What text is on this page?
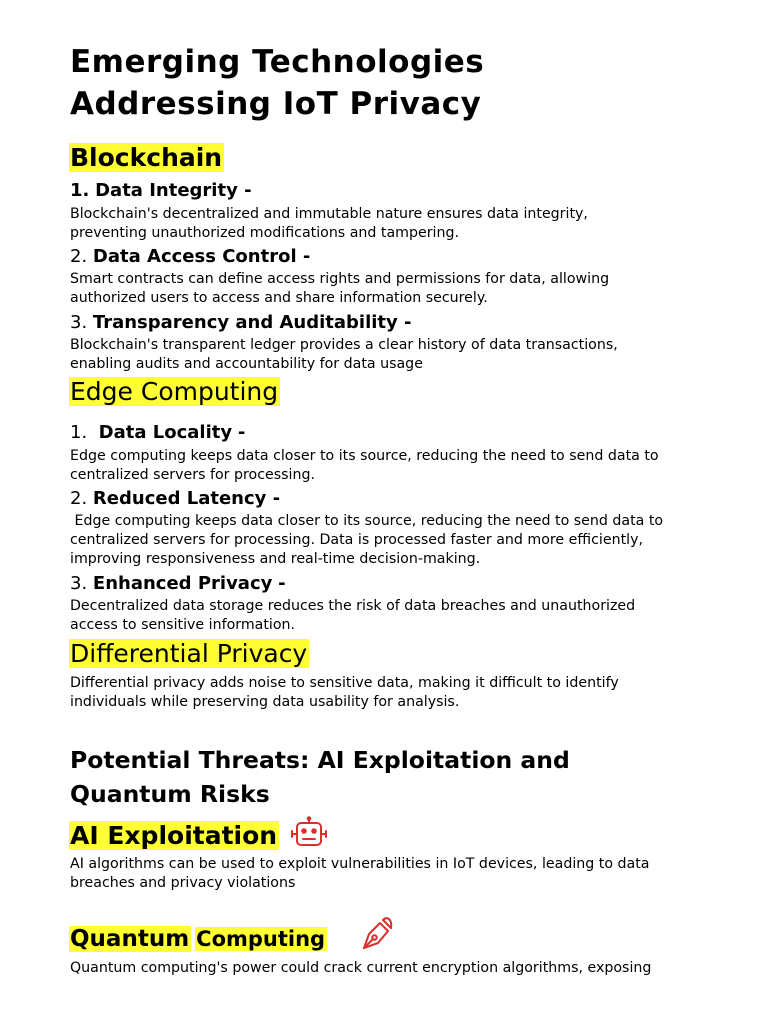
Emerging Technologies
Addressing IoT Privacy
Blockchain
1. Data Integrity -
Blockchain's decentralized and immutable nature ensures data integrity,
preventing unauthorized modifications and tampering.
2. Data Access Control -
Smart contracts can define access rights and permissions for data, allowing
authorized users to access and share information securely.
3. Transparency and Auditability -
Blockchain's transparent ledger provides a clear history of data transactions,
enabling audits and accountability for data usage
Edge Computing
1. Data Locality -
Edge computing keeps data closer to its source, reducing the need to send data to
centralized servers for processing.
2. Reduced Latency -
Edge computing keeps data closer to its source, reducing the need to send data to
centralized servers for processing. Data is processed faster and more efficiently,
improving responsiveness and real-time decision-making.
3. Enhanced Privacy -
Decentralized data storage reduces the risk of data breaches and unauthorized
access to sensitive information.
Differential Privacy
Differential privacy adds noise to sensitive data, making it difficult to identify
individuals while preserving data usability for analysis.
Potential Threats: AI Exploitation and
Quantum Risks
AI Exploitation
AI algorithms can be used to exploit vulnerabilities in IoT devices, leading to data
breaches and privacy violations
Quantum Computing
Quantum computing's power could crack current encryption algorithms, exposing
